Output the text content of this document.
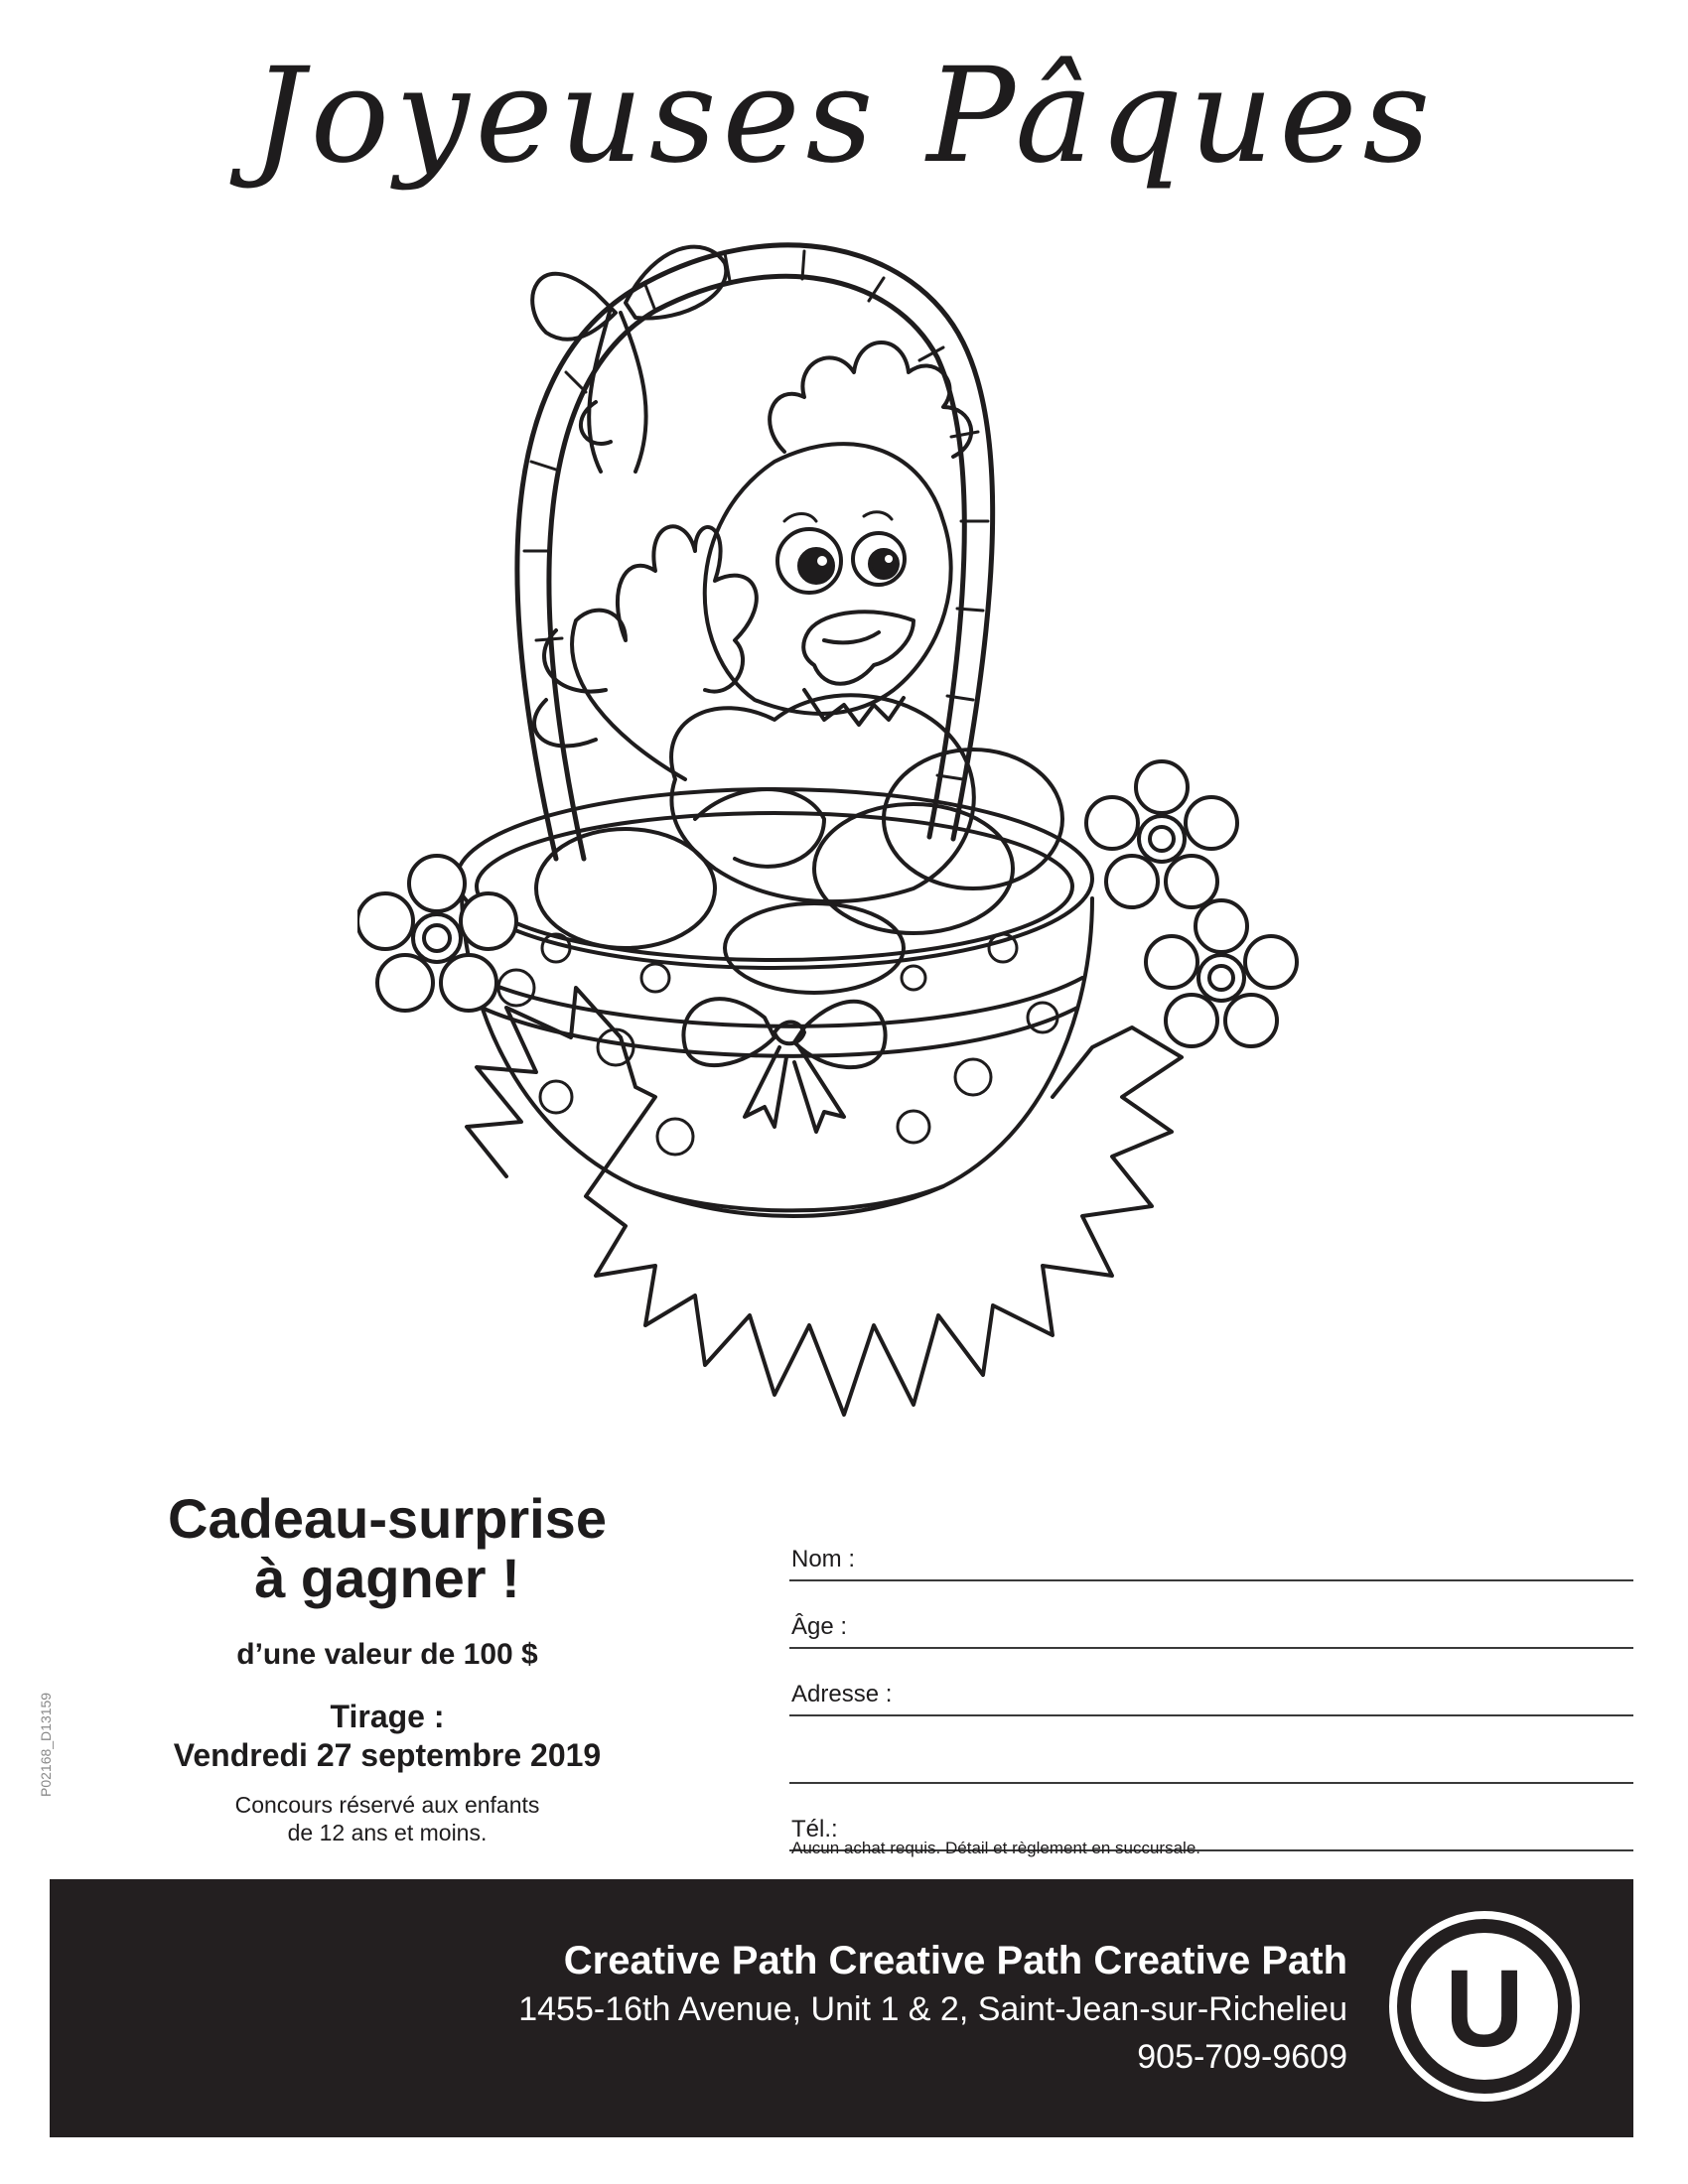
Joyeuses Pâques
Cadeau-surprise
à gagner !
d’une valeur de 100 $
Tirage :
Vendredi 27 septembre 2019
Concours réservé aux enfants
de 12 ans et moins.
P02168_D13159
Nom :
Âge :
Adresse :
Tél.:
Aucun achat requis. Détail et règlement en succursale.
Creative Path Creative Path Creative Path
1455-16th Avenue, Unit 1 & 2, Saint-Jean-sur-Richelieu
905-709-9609 U
